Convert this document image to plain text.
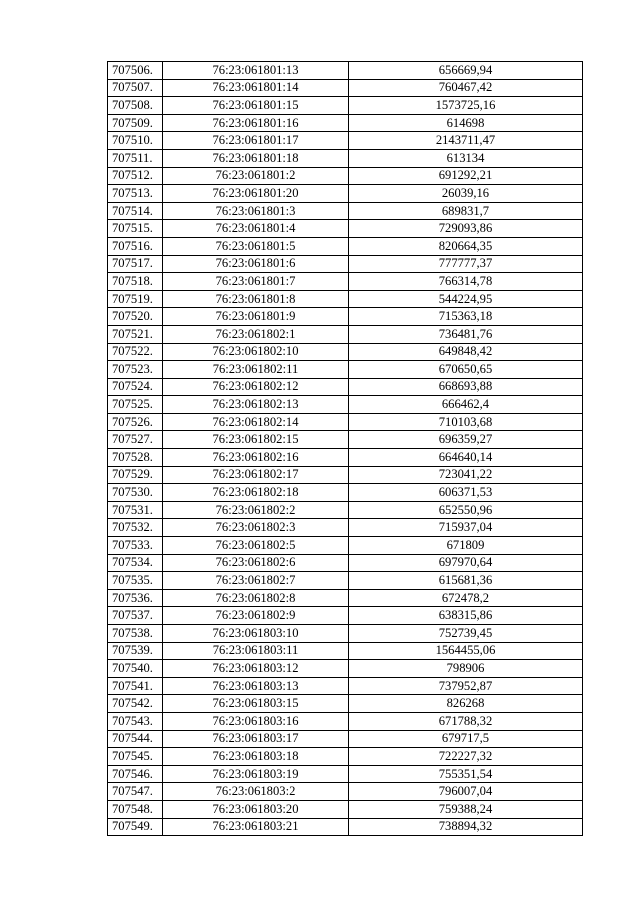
707506.	76:23:061801:13	656669,94
707507.	76:23:061801:14	760467,42
707508.	76:23:061801:15	1573725,16
707509.	76:23:061801:16	614698
707510.	76:23:061801:17	2143711,47
707511.	76:23:061801:18	613134
707512.	76:23:061801:2	691292,21
707513.	76:23:061801:20	26039,16
707514.	76:23:061801:3	689831,7
707515.	76:23:061801:4	729093,86
707516.	76:23:061801:5	820664,35
707517.	76:23:061801:6	777777,37
707518.	76:23:061801:7	766314,78
707519.	76:23:061801:8	544224,95
707520.	76:23:061801:9	715363,18
707521.	76:23:061802:1	736481,76
707522.	76:23:061802:10	649848,42
707523.	76:23:061802:11	670650,65
707524.	76:23:061802:12	668693,88
707525.	76:23:061802:13	666462,4
707526.	76:23:061802:14	710103,68
707527.	76:23:061802:15	696359,27
707528.	76:23:061802:16	664640,14
707529.	76:23:061802:17	723041,22
707530.	76:23:061802:18	606371,53
707531.	76:23:061802:2	652550,96
707532.	76:23:061802:3	715937,04
707533.	76:23:061802:5	671809
707534.	76:23:061802:6	697970,64
707535.	76:23:061802:7	615681,36
707536.	76:23:061802:8	672478,2
707537.	76:23:061802:9	638315,86
707538.	76:23:061803:10	752739,45
707539.	76:23:061803:11	1564455,06
707540.	76:23:061803:12	798906
707541.	76:23:061803:13	737952,87
707542.	76:23:061803:15	826268
707543.	76:23:061803:16	671788,32
707544.	76:23:061803:17	679717,5
707545.	76:23:061803:18	722227,32
707546.	76:23:061803:19	755351,54
707547.	76:23:061803:2	796007,04
707548.	76:23:061803:20	759388,24
707549.	76:23:061803:21	738894,32
